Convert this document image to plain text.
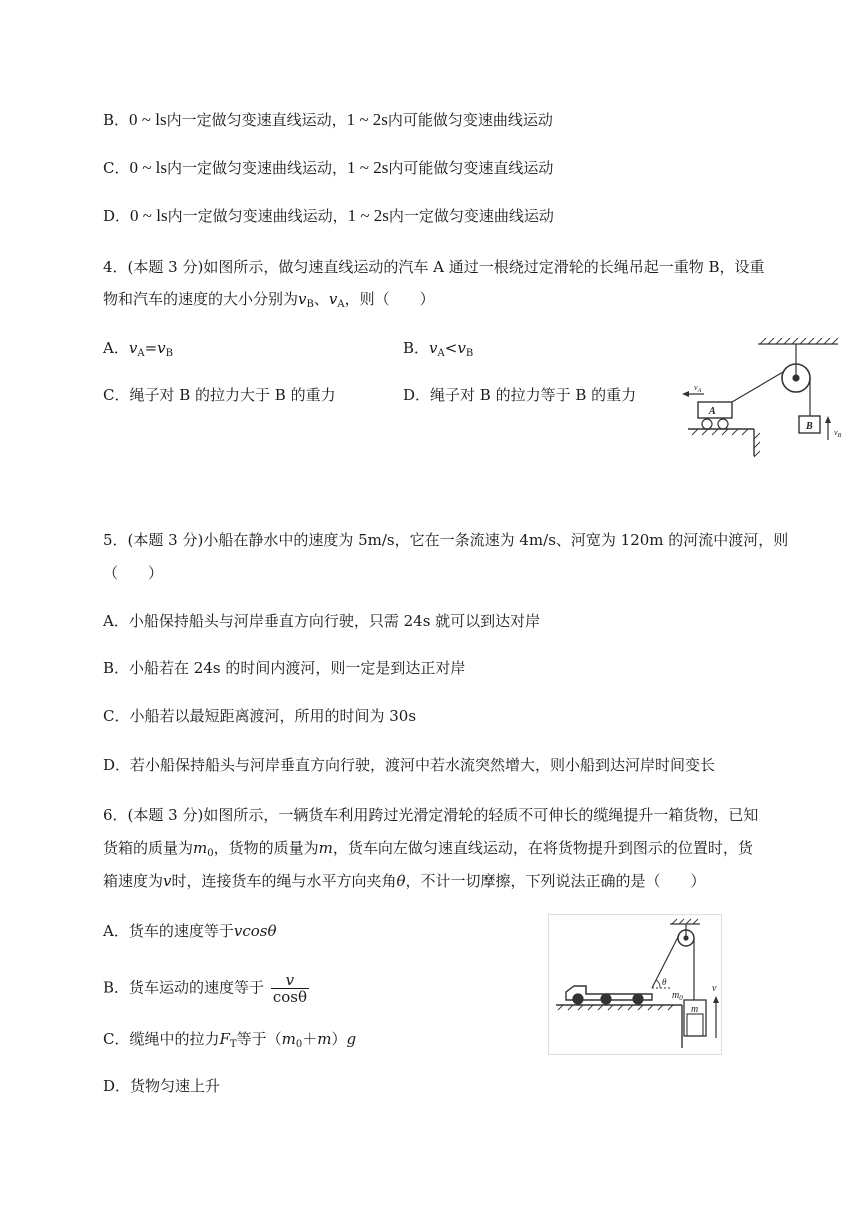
B．0 ~ ls内一定做匀变速直线运动，1 ~ 2s内可能做匀变速曲线运动
C．0 ~ ls内一定做匀变速曲线运动，1 ~ 2s内可能做匀变速直线运动
D．0 ~ ls内一定做匀变速曲线运动，1 ~ 2s内一定做匀变速曲线运动
4．(本题 3 分)如图所示，做匀速直线运动的汽车 A 通过一根绕过定滑轮的长绳吊起一重物 B，设重
物和汽车的速度的大小分别为$v_B$、$v_A$，则（　　）
A．$v_A=v_B$	B．$v_A<v_B$
C．绳子对 B 的拉力大于 B 的重力	D．绳子对 B 的拉力等于 B 的重力
A
B
$v_A$
$v_B$
5．(本题 3 分)小船在静水中的速度为 5m/s，它在一条流速为 4m/s、河宽为 120m 的河流中渡河，则
（　　）
A．小船保持船头与河岸垂直方向行驶，只需 24s 就可以到达对岸
B．小船若在 24s 的时间内渡河，则一定是到达正对岸
C．小船若以最短距离渡河，所用的时间为 30s
D．若小船保持船头与河岸垂直方向行驶，渡河中若水流突然增大，则小船到达河岸时间变长
6．(本题 3 分)如图所示，一辆货车利用跨过光滑定滑轮的轻质不可伸长的缆绳提升一箱货物，已知
货箱的质量为$m_0$，货物的质量为m，货车向左做匀速直线运动，在将货物提升到图示的位置时，货
箱速度为v时，连接货车的绳与水平方向夹角θ，不计一切摩擦，下列说法正确的是（　　）
A．货车的速度等于vcosθ
B．货车运动的速度等于 $\frac{v}{\cos\theta}$
C．缆绳中的拉力$F_T$等于$(m_0+m)g$
D．货物匀速上升
θ
$m_0$
m
v
